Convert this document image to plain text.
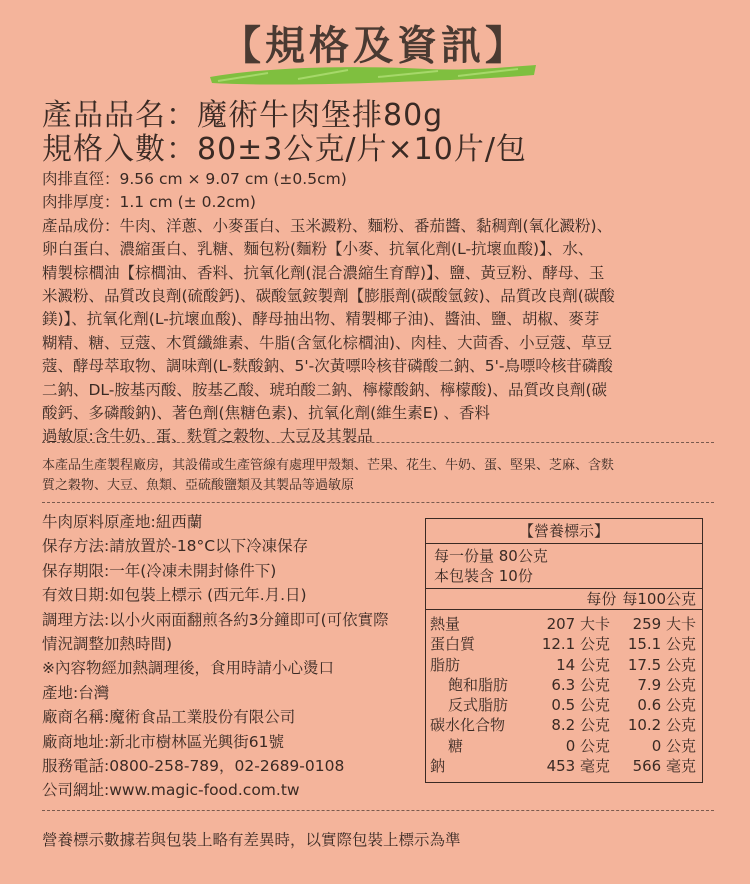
【規格及資訊】
產品品名：魔術牛肉堡排80g
規格入數：80±3公克/片×10片/包

肉排直徑：9.56 cm × 9.07 cm (±0.5cm)

肉排厚度：1.1 cm (± 0.2cm)

產品成份：牛肉、洋蔥、小麥蛋白、玉米澱粉、麵粉、番茄醬、黏稠劑(氧化澱粉)、

卵白蛋白、濃縮蛋白、乳糖、麵包粉(麵粉【小麥、抗氧化劑(L-抗壞血酸)】、水、

精製棕櫚油【棕櫚油、香料、抗氧化劑(混合濃縮生育醇)】、鹽、黃豆粉、酵母、玉

米澱粉、品質改良劑(硫酸鈣)、碳酸氫銨製劑【膨脹劑(碳酸氫銨)、品質改良劑(碳酸

鎂)】、抗氧化劑(L-抗壞血酸)、酵母抽出物、精製椰子油)、醬油、鹽、胡椒、麥芽

糊精、糖、豆蔻、木質纖維素、牛脂(含氫化棕櫚油)、肉桂、大茴香、小豆蔻、草豆

蔻、酵母萃取物、調味劑(L-麩酸鈉、5'-次黃嘌呤核苷磷酸二鈉、5'-鳥嘌呤核苷磷酸

二鈉、DL-胺基丙酸、胺基乙酸、琥珀酸二鈉、檸檬酸鈉、檸檬酸)、品質改良劑(碳

酸鈣、多磷酸鈉)、著色劑(焦糖色素)、抗氧化劑(維生素E) 、香料

過敏原:含牛奶、蛋、麩質之穀物、大豆及其製品

本產品生產製程廠房，其設備或生產管線有處理甲殼類、芒果、花生、牛奶、蛋、堅果、芝麻、含麩
質之穀物、大豆、魚類、亞硫酸鹽類及其製品等過敏原
牛肉原料原產地:紐西蘭
保存方法:請放置於-18°C以下冷凍保存
保存期限:一年(冷凍未開封條件下)
有效日期:如包裝上標示 (西元年.月.日)
調理方法:以小火兩面翻煎各約3分鐘即可(可依實際
情況調整加熱時間)
※內容物經加熱調理後，食用時請小心燙口
產地:台灣
廠商名稱:魔術食品工業股份有限公司
廠商地址:新北市樹林區光興街61號
服務電話:0800-258-789，02-2689-0108
公司網址:www.magic-food.com.tw
【營養標示】
每一份量 80公克
本包裝含 10份
每份 每100公克
熱量	207 大卡	259 大卡
蛋白質	12.1 公克	15.1 公克
脂肪	14 公克	17.5 公克
飽和脂肪	6.3 公克	7.9 公克
反式脂肪	0.5 公克	0.6 公克
碳水化合物	8.2 公克	10.2 公克
糖	0 公克	0 公克
鈉	453 毫克	566 毫克
營養標示數據若與包裝上略有差異時，以實際包裝上標示為準
